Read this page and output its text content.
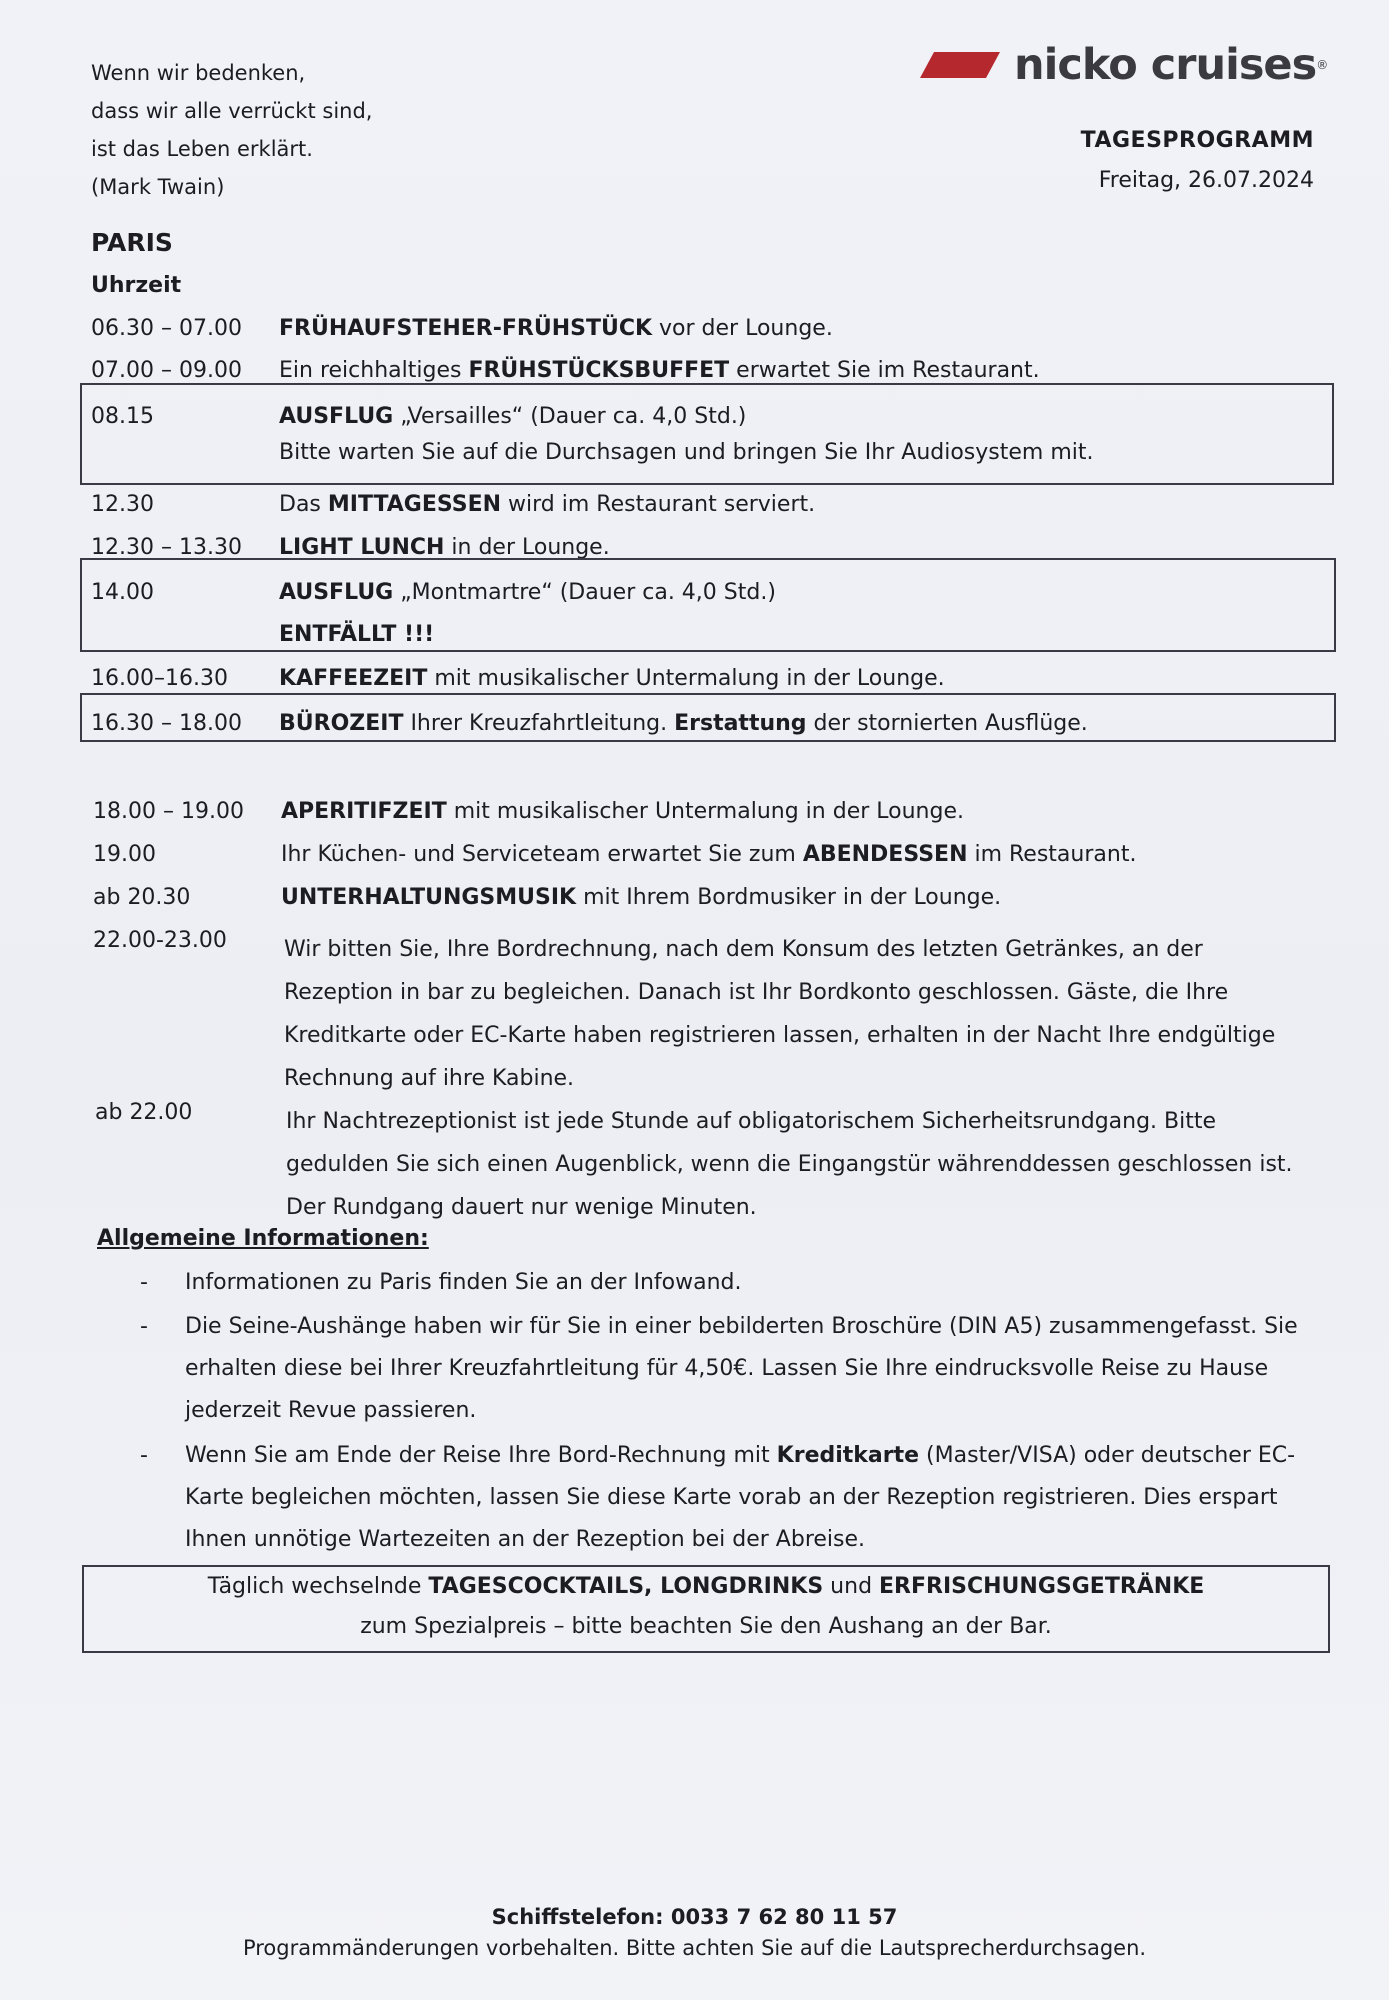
Wenn wir bedenken,
dass wir alle verrückt sind,
ist das Leben erklärt.
(Mark Twain)
nicko cruises ®
TAGESPROGRAMM
Freitag, 26.07.2024
PARIS
Uhrzeit
06.30 – 07.00 FRÜHAUFSTEHER-FRÜHSTÜCK vor der Lounge.
07.00 – 09.00 Ein reichhaltiges FRÜHSTÜCKSBUFFET erwartet Sie im Restaurant.
08.15	AUSFLUG „Versailles“ (Dauer ca. 4,0 Std.)
Bitte warten Sie auf die Durchsagen und bringen Sie Ihr Audiosystem mit.
12.30	Das MITTAGESSEN wird im Restaurant serviert.
12.30 – 13.30 LIGHT LUNCH in der Lounge.
14.00	AUSFLUG „Montmartre“ (Dauer ca. 4,0 Std.)
ENTFÄLLT !!!
16.00–16.30 KAFFEEZEIT mit musikalischer Untermalung in der Lounge.
16.30 – 18.00 BÜROZEIT Ihrer Kreuzfahrtleitung. Erstattung der stornierten Ausflüge.
18.00 – 19.00 APERITIFZEIT mit musikalischer Untermalung in der Lounge.
19.00	Ihr Küchen- und Serviceteam erwartet Sie zum ABENDESSEN im Restaurant.
ab 20.30	UNTERHALTUNGSMUSIK mit Ihrem Bordmusiker in der Lounge.
22.00-23.00	Wir bitten Sie, Ihre Bordrechnung, nach dem Konsum des letzten Getränkes, an der
Rezeption in bar zu begleichen. Danach ist Ihr Bordkonto geschlossen. Gäste, die Ihre
Kreditkarte oder EC-Karte haben registrieren lassen, erhalten in der Nacht Ihre endgültige
Rechnung auf ihre Kabine.
ab 22.00	Ihr Nachtrezeptionist ist jede Stunde auf obligatorischem Sicherheitsrundgang. Bitte
gedulden Sie sich einen Augenblick, wenn die Eingangstür währenddessen geschlossen ist.
Der Rundgang dauert nur wenige Minuten.
Allgemeine Informationen:
- Informationen zu Paris finden Sie an der Infowand.
- Die Seine-Aushänge haben wir für Sie in einer bebilderten Broschüre (DIN A5) zusammengefasst. Sie erhalten diese bei Ihrer Kreuzfahrtleitung für 4,50€. Lassen Sie Ihre eindrucksvolle Reise zu Hause jederzeit Revue passieren.
- Wenn Sie am Ende der Reise Ihre Bord-Rechnung mit Kreditkarte (Master/VISA) oder deutscher EC-Karte begleichen möchten, lassen Sie diese Karte vorab an der Rezeption registrieren. Dies erspart Ihnen unnötige Wartezeiten an der Rezeption bei der Abreise.
Täglich wechselnde TAGESCOCKTAILS, LONGDRINKS und ERFRISCHUNGSGETRÄNKE
zum Spezialpreis – bitte beachten Sie den Aushang an der Bar.
Schiffstelefon: 0033 7 62 80 11 57
Programmänderungen vorbehalten. Bitte achten Sie auf die Lautsprecherdurchsagen.
